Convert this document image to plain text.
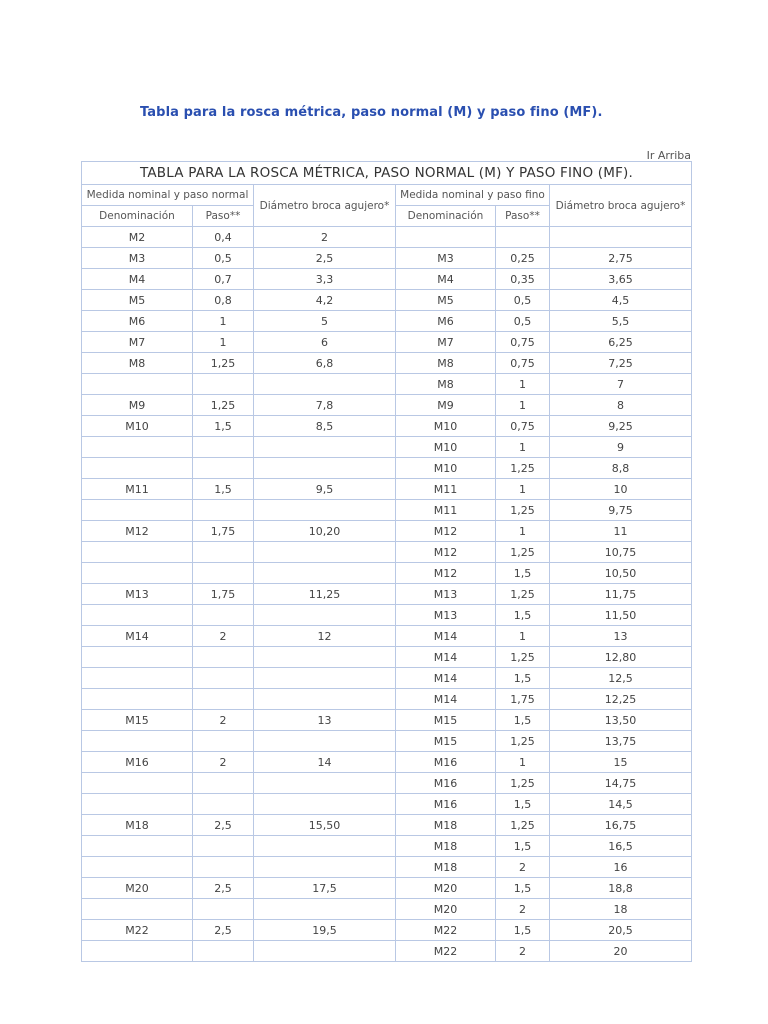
Tabla para la rosca métrica, paso normal (M) y paso fino (MF).
Ir Arriba
TABLA PARA LA ROSCA MÉTRICA, PASO NORMAL (M) Y PASO FINO (MF).					
Medida nominal y paso normal		Diámetro broca agujero*	Medida nominal y paso fino		Diámetro broca agujero*
Denominación	Paso**		Denominación	Paso**	
M2	0,4	2			
M3	0,5	2,5	M3	0,25	2,75
M4	0,7	3,3	M4	0,35	3,65
M5	0,8	4,2	M5	0,5	4,5
M6	1	5	M6	0,5	5,5
M7	1	6	M7	0,75	6,25
M8	1,25	6,8	M8	0,75	7,25
			M8	1	7
M9	1,25	7,8	M9	1	8
M10	1,5	8,5	M10	0,75	9,25
			M10	1	9
			M10	1,25	8,8
M11	1,5	9,5	M11	1	10
			M11	1,25	9,75
M12	1,75	10,20	M12	1	11
			M12	1,25	10,75
			M12	1,5	10,50
M13	1,75	11,25	M13	1,25	11,75
			M13	1,5	11,50
M14	2	12	M14	1	13
			M14	1,25	12,80
			M14	1,5	12,5
			M14	1,75	12,25
M15	2	13	M15	1,5	13,50
			M15	1,25	13,75
M16	2	14	M16	1	15
			M16	1,25	14,75
			M16	1,5	14,5
M18	2,5	15,50	M18	1,25	16,75
			M18	1,5	16,5
			M18	2	16
M20	2,5	17,5	M20	1,5	18,8
			M20	2	18
M22	2,5	19,5	M22	1,5	20,5
			M22	2	20
